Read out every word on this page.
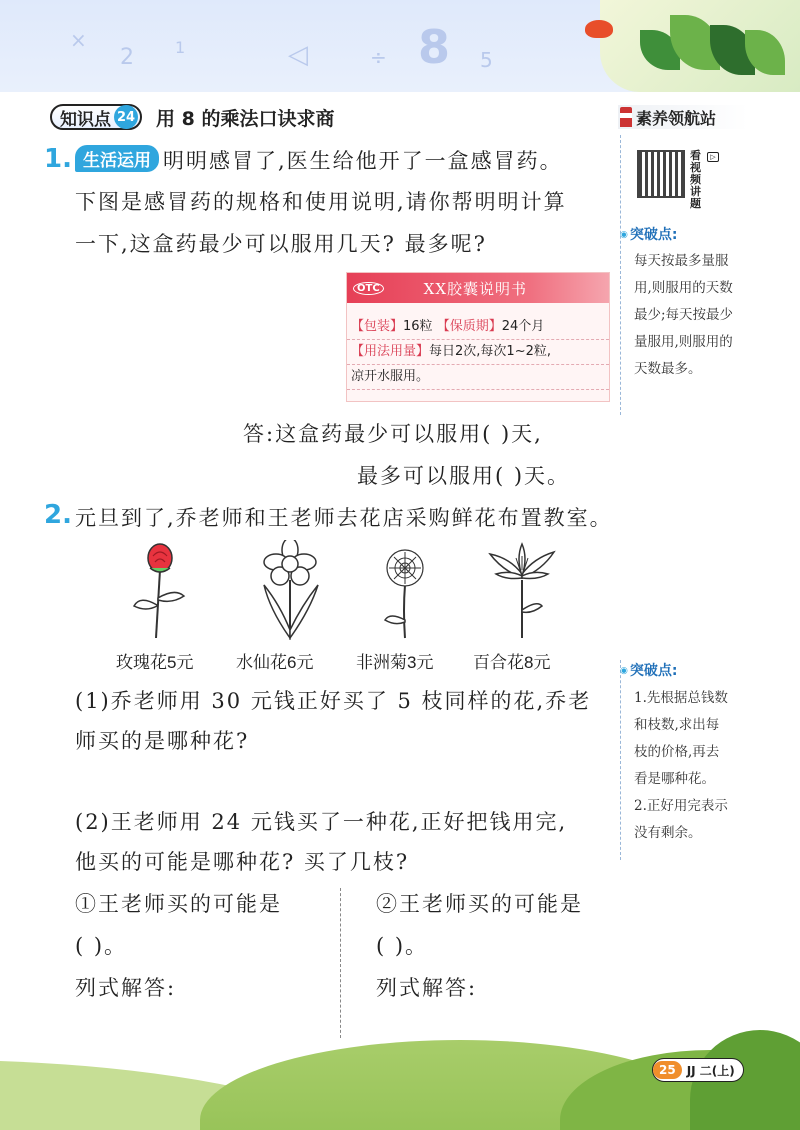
×
2	1	◁	÷ 8 5
知识点 24 用 8 的乘法口诀求商	素养领航站
看视频讲题
▷
◉ 突破点:
每天按最多量服
用,则服用的天数
最少;每天按最少
量服用,则服用的
天数最多。
◉ 突破点:
1.先根据总钱数
和枝数,求出每
枝的价格,再去
看是哪种花。
2.正好用完表示
没有剩余。
1. 生活运用 明明感冒了,医生给他开了一盒感冒药。
下图是感冒药的规格和使用说明,请你帮明明计算
一下,这盒药最少可以服用几天? 最多呢?
OTC	XX胶囊说明书
【包装】16粒 【保质期】24个月
【用法用量】每日2次,每次1~2粒,
凉开水服用。
答:这盒药最少可以服用( )天,
最多可以服用( )天。
2. 元旦到了,乔老师和王老师去花店采购鲜花布置教室。
玫瑰花5元	水仙花6元	非洲菊3元 百合花8元
(1)乔老师用 30 元钱正好买了 5 枝同样的花,乔老
师买的是哪种花?
(2)王老师用 24 元钱买了一种花,正好把钱用完,
他买的可能是哪种花? 买了几枝?
①王老师买的可能是
( )。
列式解答:
②王老师买的可能是
( )。
列式解答:
25 JJ 二(上)
